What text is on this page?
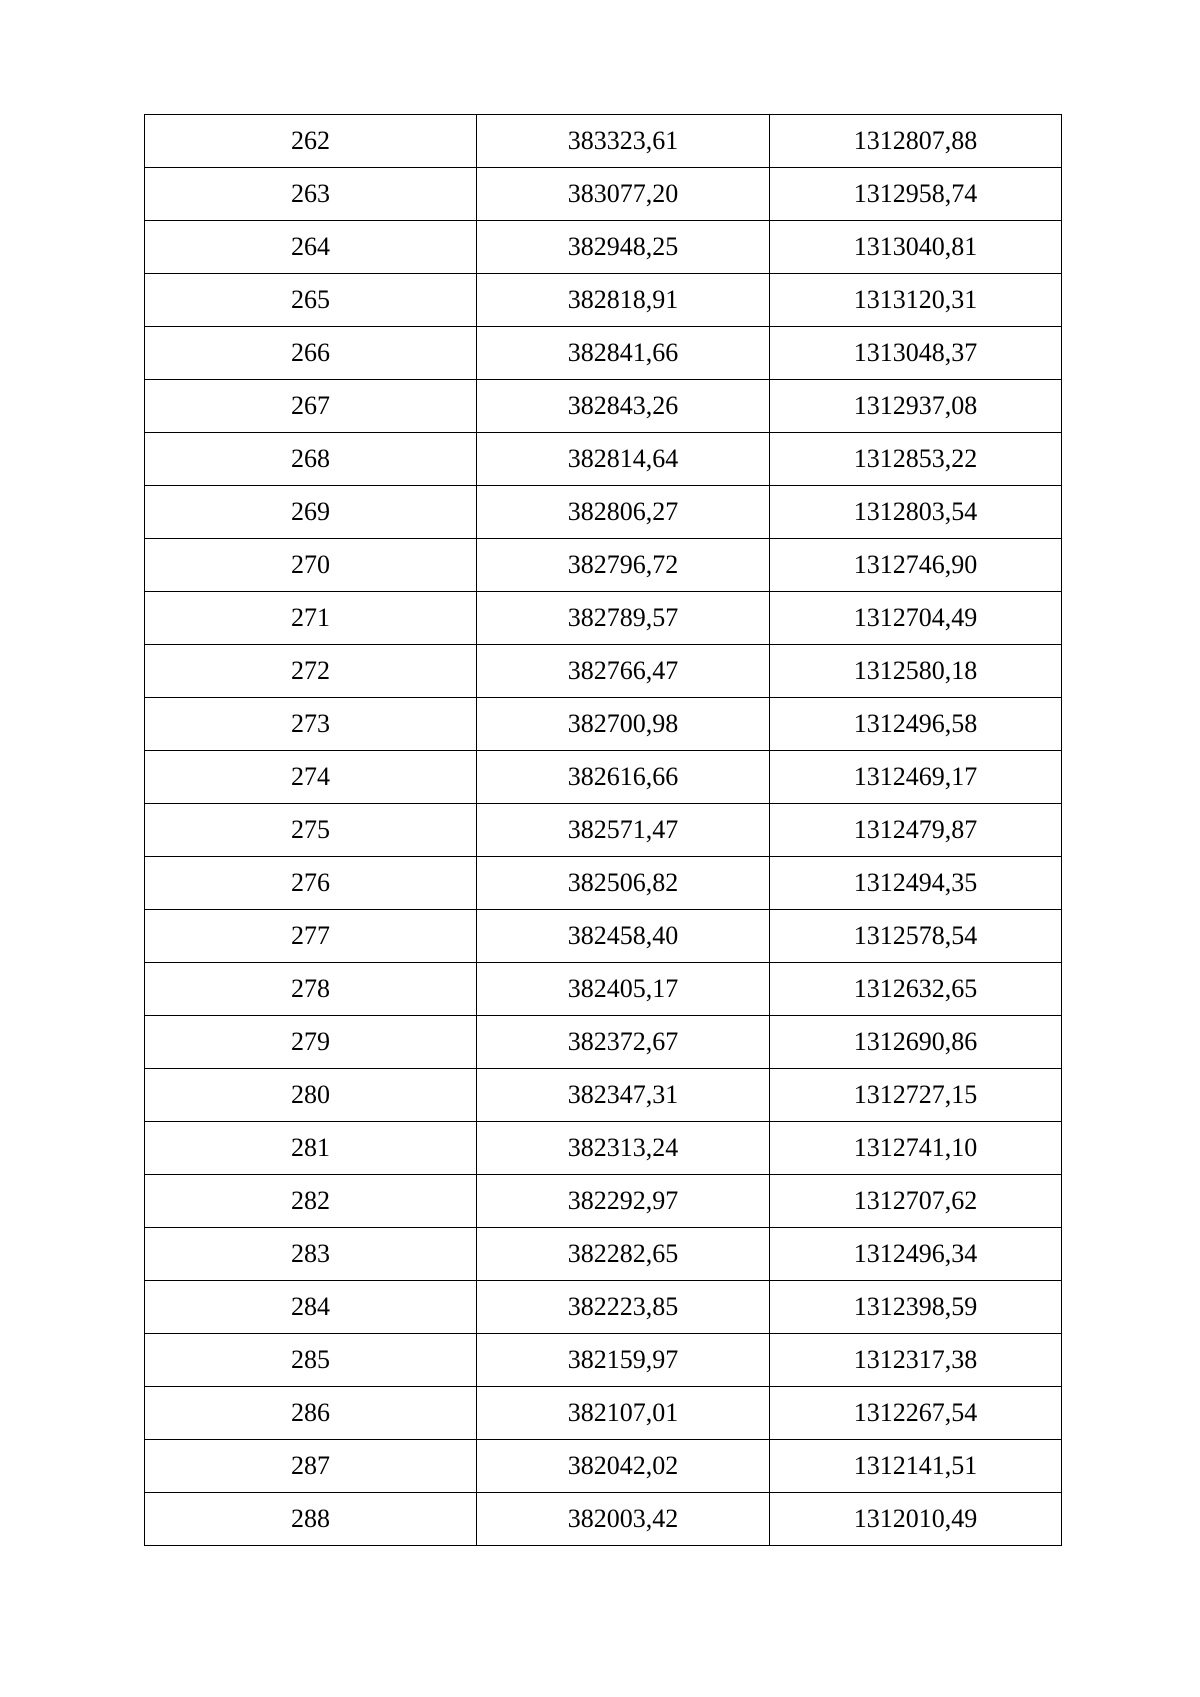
262	383323,61	1312807,88
263	383077,20	1312958,74
264	382948,25	1313040,81
265	382818,91	1313120,31
266	382841,66	1313048,37
267	382843,26	1312937,08
268	382814,64	1312853,22
269	382806,27	1312803,54
270	382796,72	1312746,90
271	382789,57	1312704,49
272	382766,47	1312580,18
273	382700,98	1312496,58
274	382616,66	1312469,17
275	382571,47	1312479,87
276	382506,82	1312494,35
277	382458,40	1312578,54
278	382405,17	1312632,65
279	382372,67	1312690,86
280	382347,31	1312727,15
281	382313,24	1312741,10
282	382292,97	1312707,62
283	382282,65	1312496,34
284	382223,85	1312398,59
285	382159,97	1312317,38
286	382107,01	1312267,54
287	382042,02	1312141,51
288	382003,42	1312010,49
